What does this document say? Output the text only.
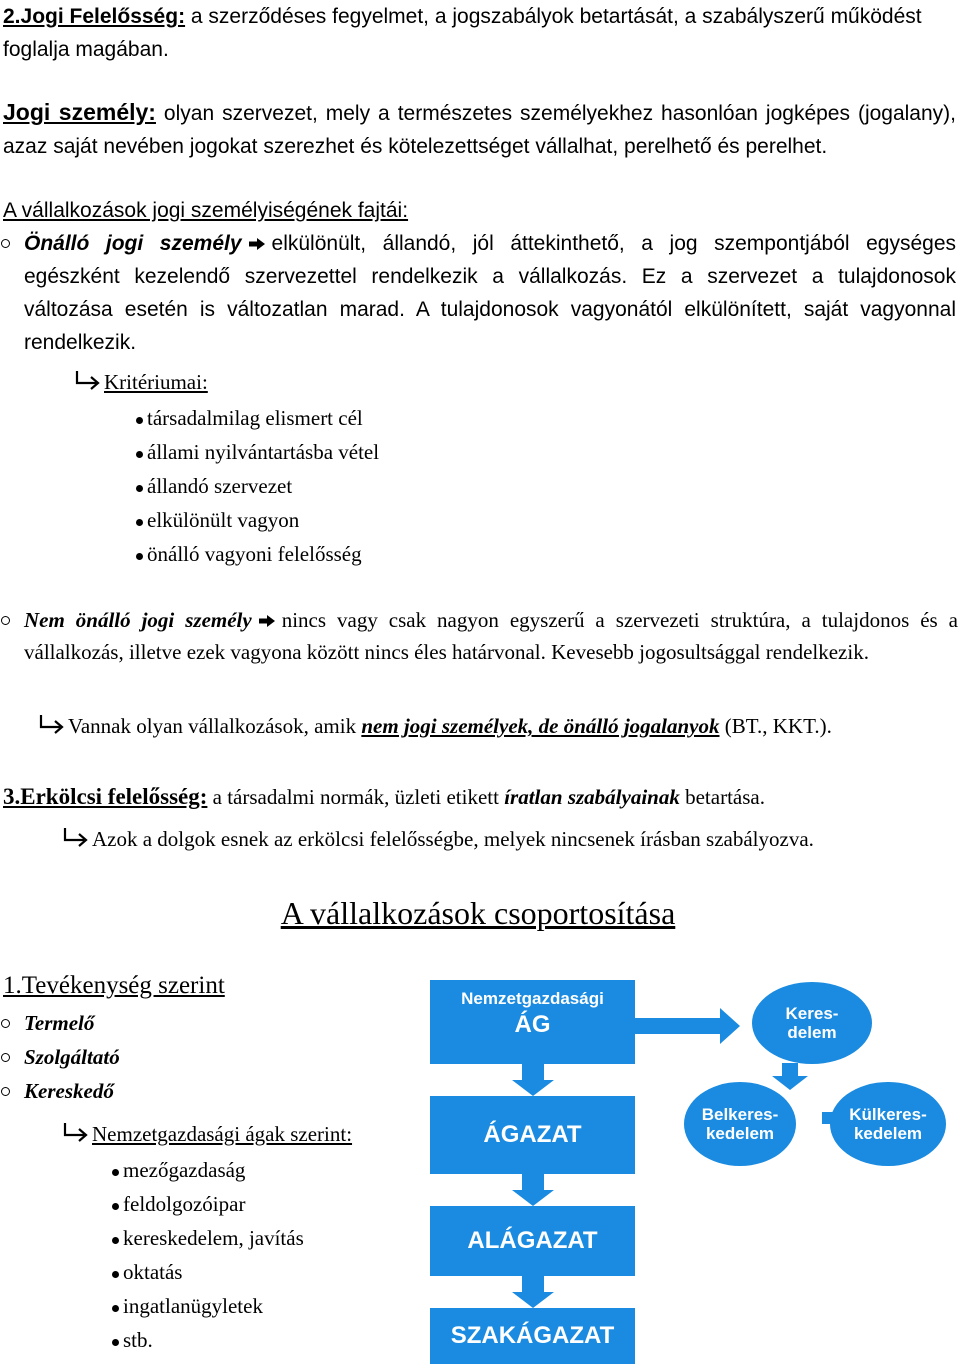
2.Jogi Felelősség: a szerződéses fegyelmet, a jogszabályok betartását, a szabályszerű működést foglalja magában.
Jogi személy: olyan szervezet, mely a természetes személyekhez hasonlóan jogképes (jogalany), azaz saját nevében jogokat szerezhet és kötelezettséget vállalhat, perelhető és perelhet.
A vállalkozások jogi személyiségének fajtái:
Önálló jogi személy elkülönült, állandó, jól áttekinthető, a jog szempontjából egységes egészként kezelendő szervezettel rendelkezik a vállalkozás. Ez a szervezet a tulajdonosok változása esetén is változatlan marad. A tulajdonosok vagyonától elkülönített, saját vagyonnal rendelkezik.
Kritériumai:
társadalmilag elismert cél
állami nyilvántartásba vétel
állandó szervezet
elkülönült vagyon
önálló vagyoni felelősség
Nem önálló jogi személy nincs vagy csak nagyon egyszerű a szervezeti struktúra, a tulajdonos és a vállalkozás, illetve ezek vagyona között nincs éles határvonal. Kevesebb jogosultsággal rendelkezik.
Vannak olyan vállalkozások, amik nem jogi személyek, de önálló jogalanyok (BT., KKT.).
3.Erkölcsi felelősség: a társadalmi normák, üzleti etikett íratlan szabályainak betartása.
Azok a dolgok esnek az erkölcsi felelősségbe, melyek nincsenek írásban szabályozva.
A vállalkozások csoportosítása
1.Tevékenység szerint
Termelő
Szolgáltató
Kereskedő
Nemzetgazdasági ágak szerint:
mezőgazdaság
feldolgozóipar
kereskedelem, javítás
oktatás
ingatlanügyletek
stb.
Nemzetgazdasági
ÁG
ÁGAZAT
ALÁGAZAT
SZAKÁGAZAT
Keres-
delem
Belkeres-
kedelem
Külkeres-
kedelem
